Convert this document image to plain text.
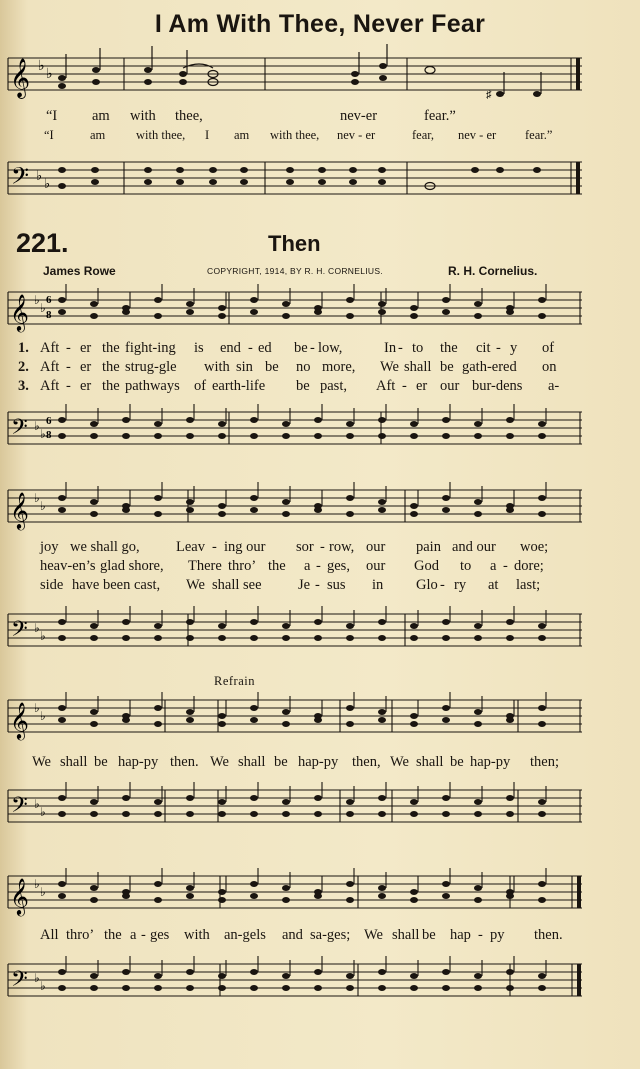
I Am With Thee, Never Fear
𝄞 ♭
♭
♯
“I am with thee,	nev-er	fear.”
“I	am with thee, I am with thee, nev - er	fear, nev - er fear.”
𝄢 ♭
♭
221.	Then
James Rowe	COPYRIGHT, 1914, BY R. H. CORNELIUS.	R. H. Cornelius.
𝄞 ♭
♭
6
8
1. Aft - er the fight-ing is end - ed be - low,	In - to the cit - y of
2. Aft - er the strug-gle with sin be no more, We shall be gath-ered on
3. Aft - er the pathways of earth-life be past, Aft - er our bur-dens a-
𝄢 ♭
♭
6
8
𝄞 ♭
♭
joy we shall go,	Leav - ing our sor - row, our pain and our woe;
heav-en’s glad shore, There thro’ the a - ges, our God to a - dore;
side have been cast, We shall see	Je - sus in Glo - ry at last;
𝄢 ♭
♭
Refrain
𝄞 ♭
♭
We shall be hap-py then. We shall be hap-py then, We shall be hap-py then;
𝄢 ♭
♭
𝄞 ♭
♭
All thro’ the a - ges with an-gels and sa-ges; We shall be hap - py then.
𝄢 ♭
♭
